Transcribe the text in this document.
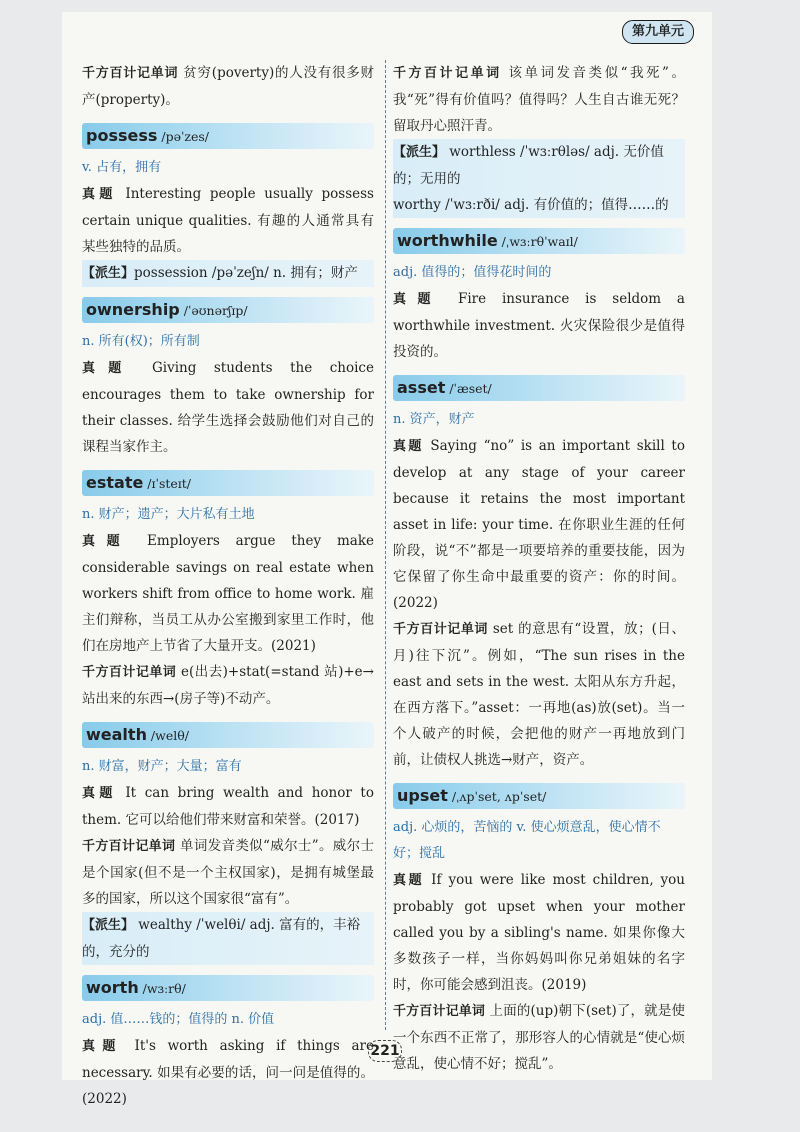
第九单元

千方百计记单词 贫穷(poverty)的人没有很多财产(property)。

possess /pəˈzes/

v. 占有，拥有

真题 Interesting people usually possess certain unique qualities. 有趣的人通常具有某些独特的品质。

【派生】possession /pəˈzeʃn/ n. 拥有；财产

ownership /ˈəʊnərʃɪp/

n. 所有(权)；所有制

真题 Giving students the choice encourages them to take ownership for their classes. 给学生选择会鼓励他们对自己的课程当家作主。

estate /ɪˈsteɪt/

n. 财产；遗产；大片私有土地

真题 Employers argue they make considerable savings on real estate when workers shift from office to home work. 雇主们辩称，当员工从办公室搬到家里工作时，他们在房地产上节省了大量开支。(2021)

千方百计记单词 e(出去)+stat(=stand 站)+e→站出来的东西→(房子等)不动产。

wealth /welθ/

n. 财富，财产；大量；富有

真题 It can bring wealth and honor to them. 它可以给他们带来财富和荣誉。(2017)

千方百计记单词 单词发音类似“威尔士”。威尔士是个国家(但不是一个主权国家)，是拥有城堡最多的国家，所以这个国家很“富有”。

【派生】 wealthy /ˈwelθi/ adj. 富有的，丰裕的，充分的

worth /wɜːrθ/

adj. 值……钱的；值得的 n. 价值

真题 It's worth asking if things are necessary. 如果有必要的话，问一问是值得的。(2022)

千方百计记单词 该单词发音类似“我死”。我“死”得有价值吗？值得吗？人生自古谁无死？留取丹心照汗青。

【派生】 worthless /ˈwɜːrθləs/ adj. 无价值的；无用的

worthy /ˈwɜːrði/ adj. 有价值的；值得……的

worthwhile /ˌwɜːrθˈwaɪl/

adj. 值得的；值得花时间的

真题 Fire insurance is seldom a worthwhile investment. 火灾保险很少是值得投资的。

asset /ˈæset/

n. 资产，财产

真题 Saying “no” is an important skill to develop at any stage of your career because it retains the most important asset in life: your time. 在你职业生涯的任何阶段，说“不”都是一项要培养的重要技能，因为它保留了你生命中最重要的资产：你的时间。(2022)

千方百计记单词 set 的意思有“设置，放；(日、月)往下沉”。例如，“The sun rises in the east and sets in the west. 太阳从东方升起，在西方落下。”asset：一再地(as)放(set)。当一个人破产的时候，会把他的财产一再地放到门前，让债权人挑选→财产，资产。

upset /ˌʌpˈset, ʌpˈset/

adj. 心烦的，苦恼的 v. 使心烦意乱，使心情不好；搅乱

真题 If you were like most children, you probably got upset when your mother called you by a sibling's name. 如果你像大多数孩子一样，当你妈妈叫你兄弟姐妹的名字时，你可能会感到沮丧。(2019)

千方百计记单词 上面的(up)朝下(set)了，就是使一个东西不正常了，那形容人的心情就是“使心烦意乱，使心情不好；搅乱”。

221
